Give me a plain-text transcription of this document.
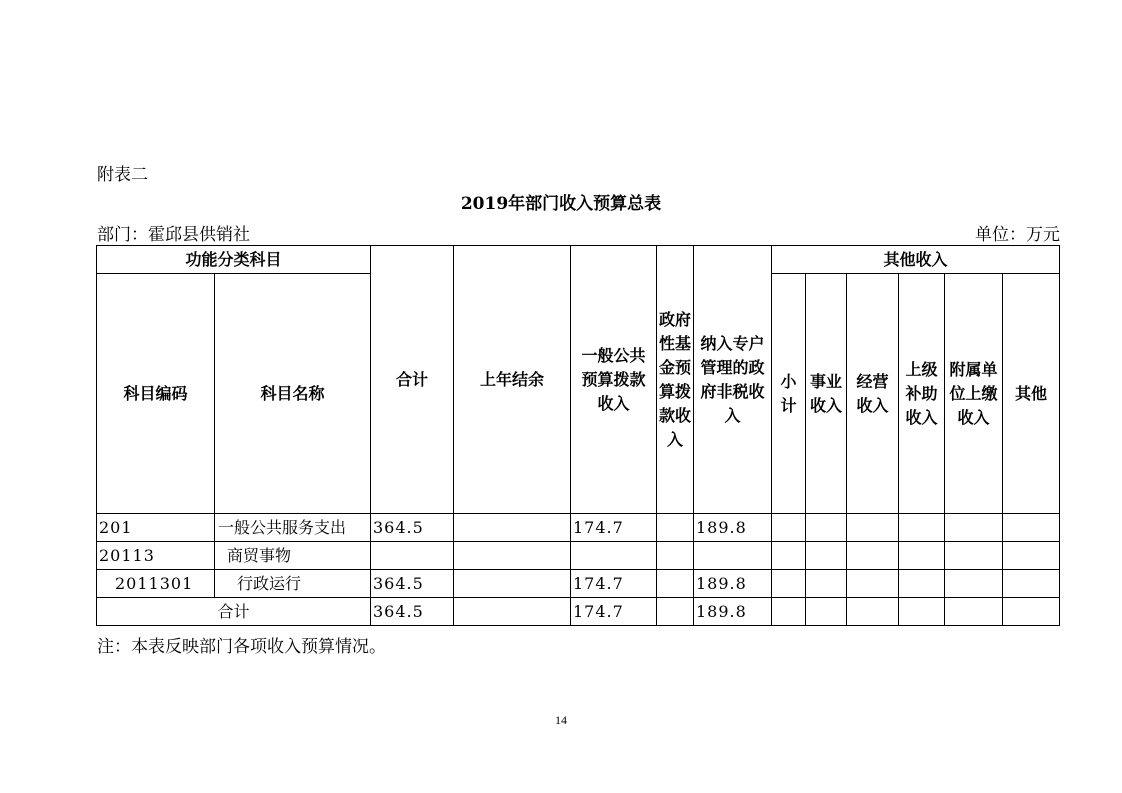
附表二
2019年部门收入预算总表
部门：霍邱县供销社	单位：万元
功能分类科目		合计	上年结余	一般公共预算拨款收入	政府性基金预算拨款收入	纳入专户管理的政府非税收入	其他收入					
科目编码	科目名称						小计	事业收入	经营收入	上级补助收入	附属单位上缴收入	其他
201	一般公共服务支出	364.5		174.7		189.8						
20113	商贸事物											
2011301	行政运行	364.5		174.7		189.8						
合计		364.5		174.7		189.8						
注：本表反映部门各项收入预算情况。
14
